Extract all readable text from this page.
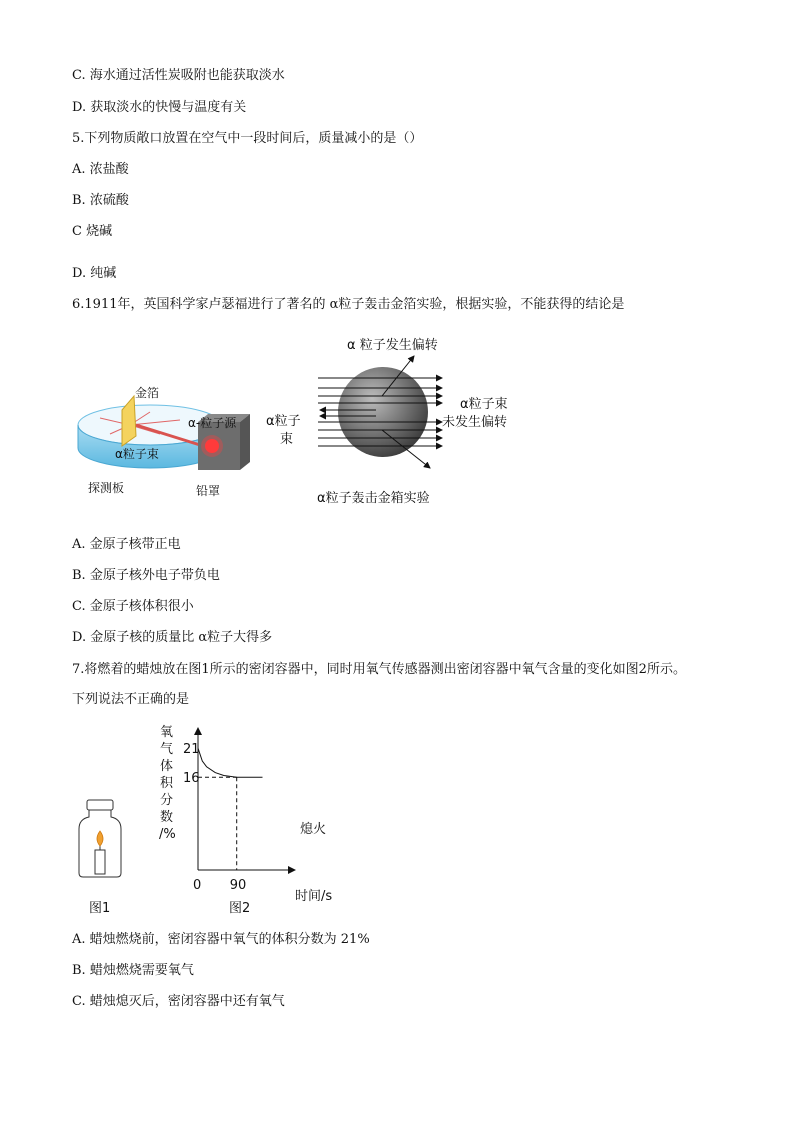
C. 海水通过活性炭吸附也能获取淡水
D. 获取淡水的快慢与温度有关
5.下列物质敞口放置在空气中一段时间后，质量减小的是（）
A. 浓盐酸
B. 浓硫酸
C 烧碱
D. 纯碱
6.1911年，英国科学家卢瑟福进行了著名的 α粒子轰击金箔实验，根据实验，不能获得的结论是
金箔
α-粒子源
α粒子束
探测板	铅罩
α 粒子发生偏转
α粒子
束
α粒子束
未发生偏转
α粒子轰击金箱实验
A. 金原子核带正电
B. 金原子核外电子带负电
C. 金原子核体积很小
D. 金原子核的质量比 α粒子大得多
7.将燃着的蜡烛放在图1所示的密闭容器中，同时用氧气传感器测出密闭容器中氧气含量的变化如图2所示。
下列说法不正确的是
图1
氧
气
体
积
分
数
/%
21
16
0 90
时间/s
熄火
图2
A. 蜡烛燃烧前，密闭容器中氧气的体积分数为 21%
B. 蜡烛燃烧需要氧气
C. 蜡烛熄灭后，密闭容器中还有氧气
